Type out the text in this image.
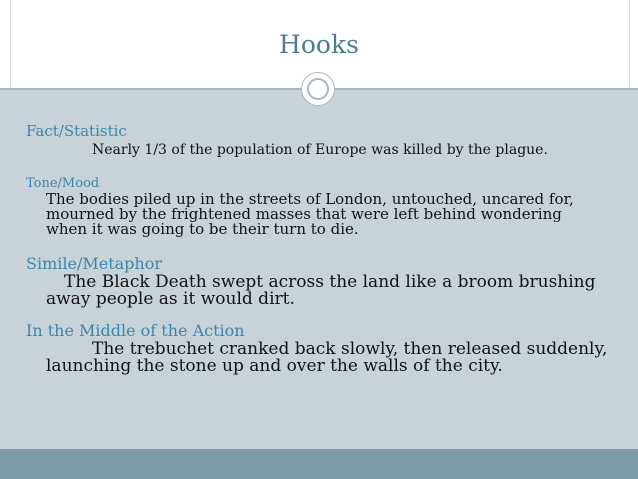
Hooks
Fact/Statistic
Nearly 1/3 of the population of Europe was killed by the plague.
Tone/Mood
The bodies piled up in the streets of London, untouched, uncared for,
mourned by the frightened masses that were left behind wondering
when it was going to be their turn to die.
Simile/Metaphor
The Black Death swept across the land like a broom brushing
away people as it would dirt.
In the Middle of the Action
The trebuchet cranked back slowly, then released suddenly,
launching the stone up and over the walls of the city.
